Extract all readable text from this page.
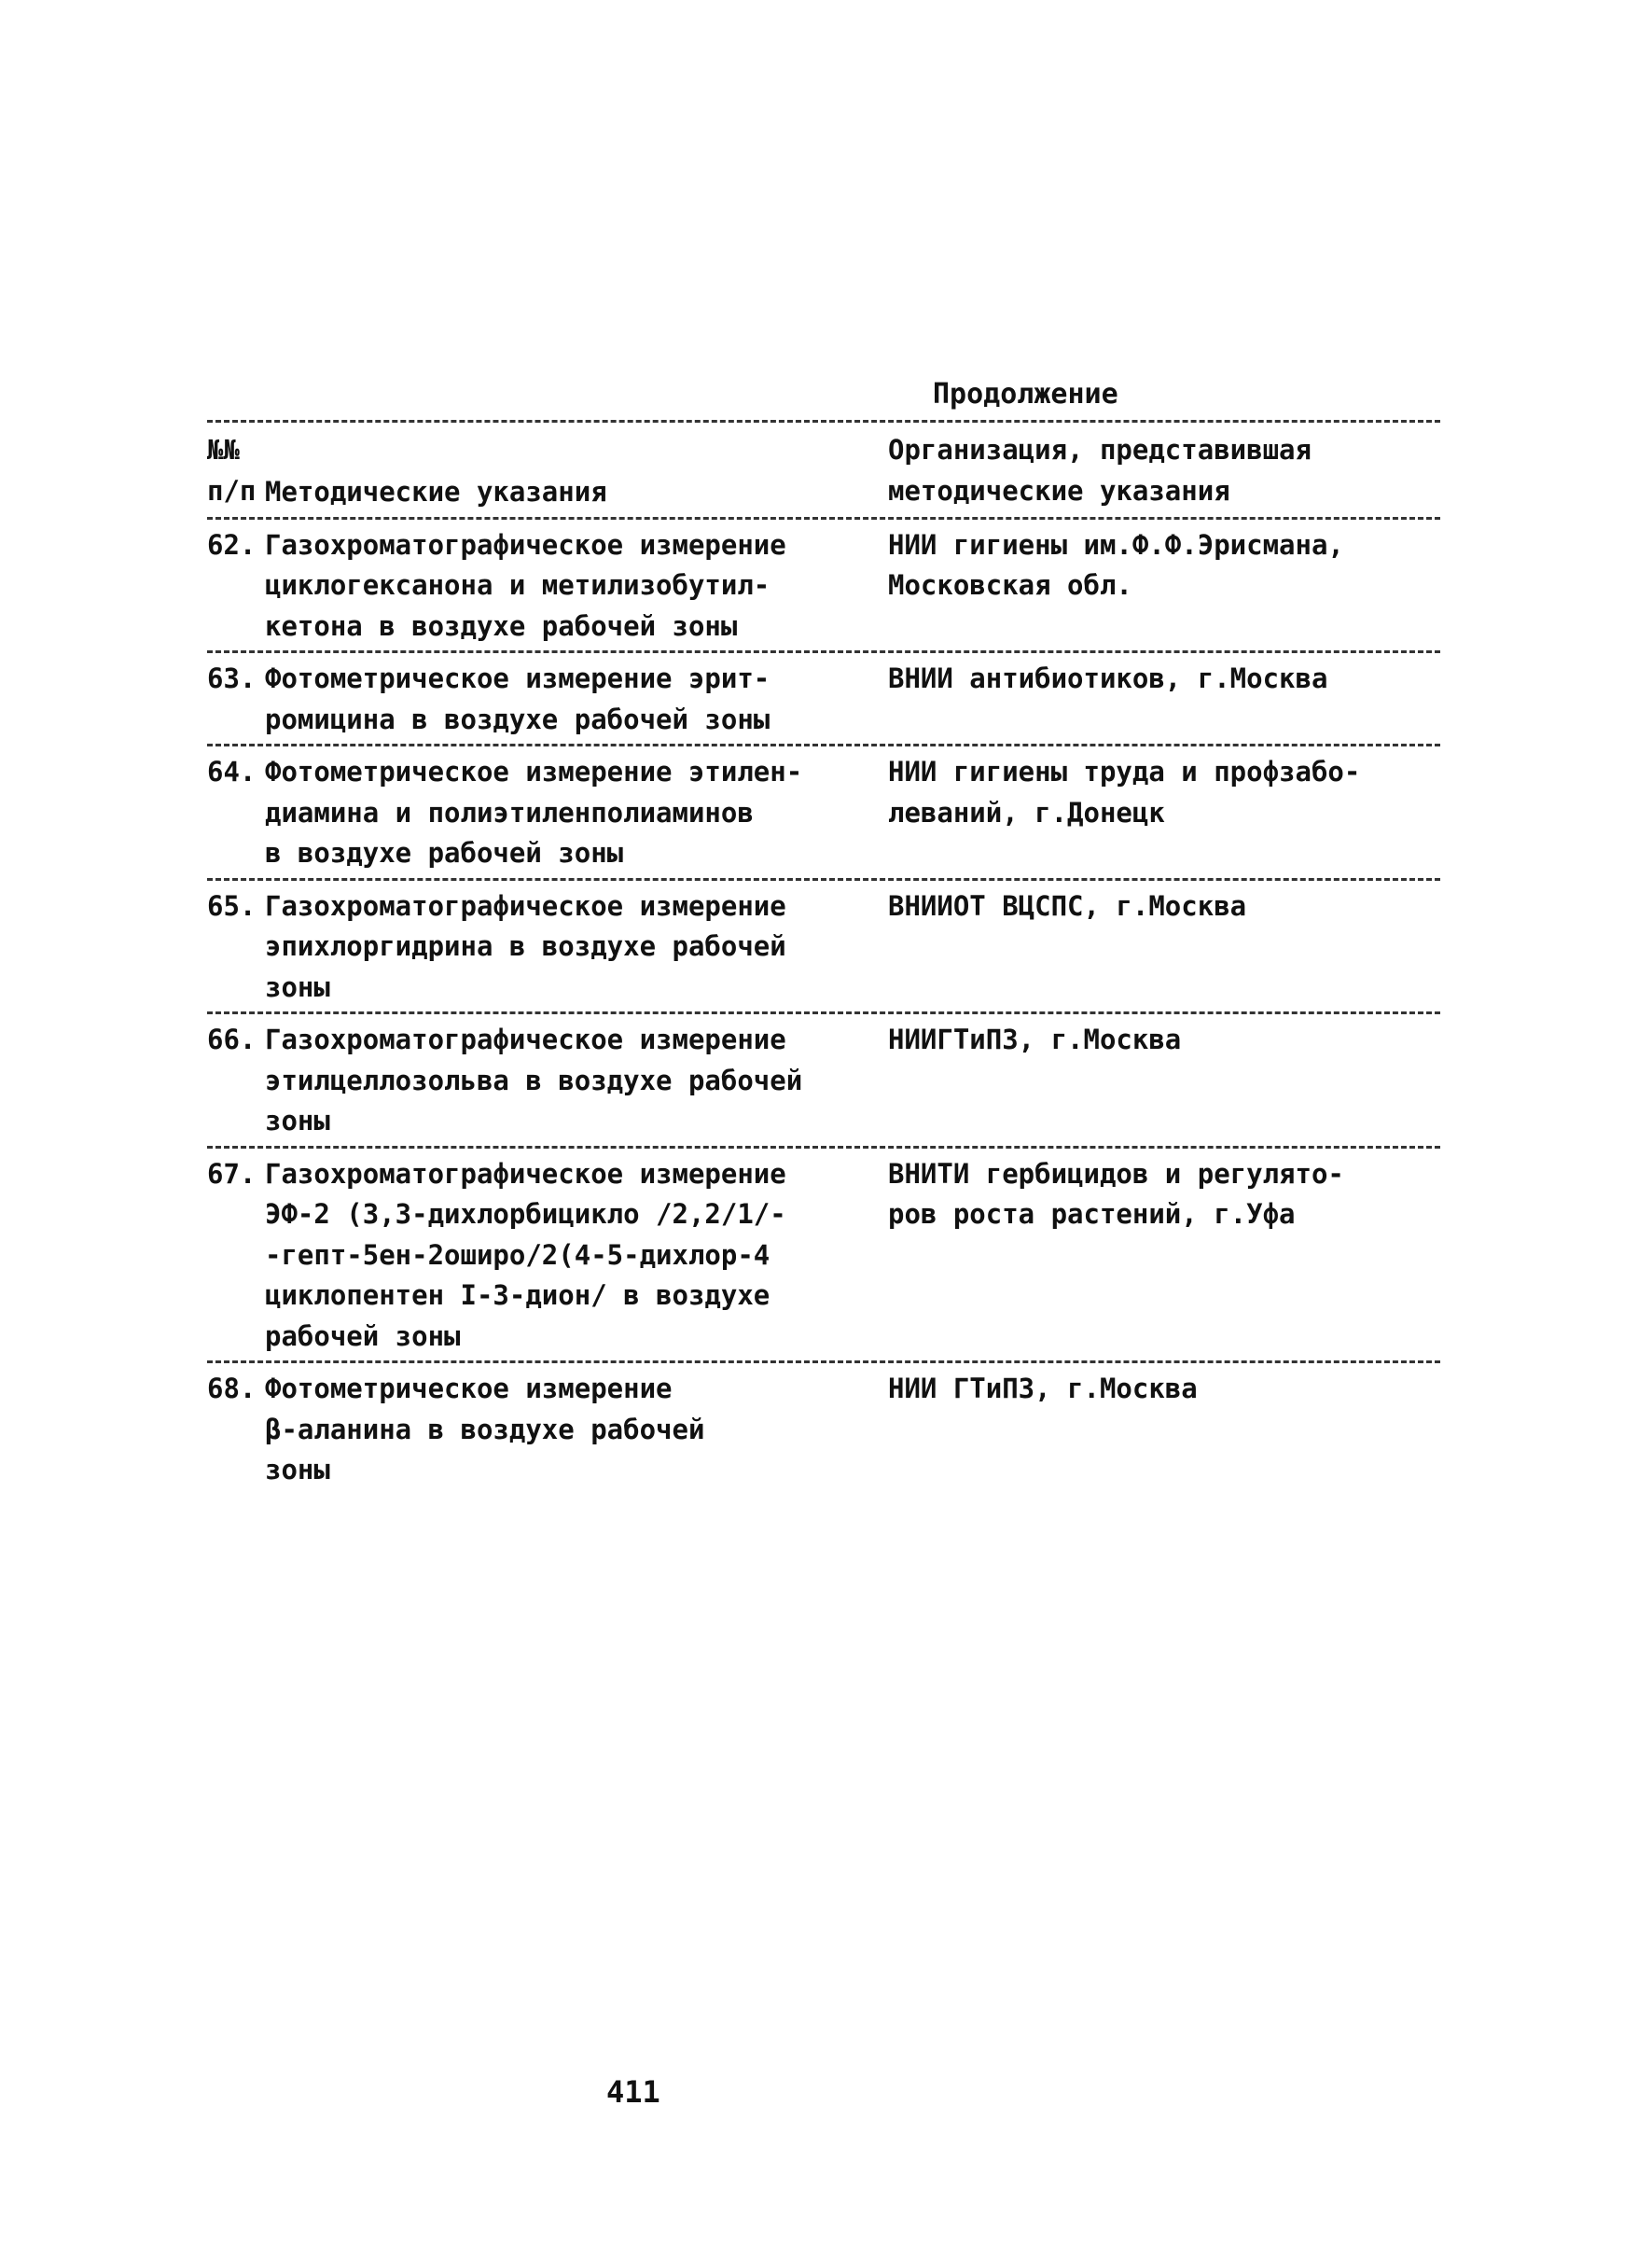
Продолжение
№№
п/п Методические указания
Организация, представившая
методические указания
62. Газохроматографическое измерение
циклогексанона и метилизобутил-
кетона в воздухе рабочей зоны
НИИ гигиены им.Ф.Ф.Эрисмана,
Московская обл.
63. Фотометрическое измерение эрит-
ромицина в воздухе рабочей зоны
ВНИИ антибиотиков, г.Москва
64. Фотометрическое измерение этилен-
диамина и полиэтиленполиаминов
в воздухе рабочей зоны
НИИ гигиены труда и профзабо-
леваний, г.Донецк
65. Газохроматографическое измерение
эпихлоргидрина в воздухе рабочей
зоны
ВНИИОТ ВЦСПС, г.Москва
66. Газохроматографическое измерение
этилцеллозольва в воздухе рабочей
зоны
НИИГТиПЗ, г.Москва
67. Газохроматографическое измерение
ЭФ-2 (3,3-дихлорбицикло /2,2/1/-
-гепт-5ен-2оширо/2(4-5-дихлор-4
циклопентен I-3-дион/ в воздухе
рабочей зоны
ВНИТИ гербицидов и регулято-
ров роста растений, г.Уфа
68. Фотометрическое измерение
β-аланина в воздухе рабочей
зоны
НИИ ГТиПЗ, г.Москва
411
